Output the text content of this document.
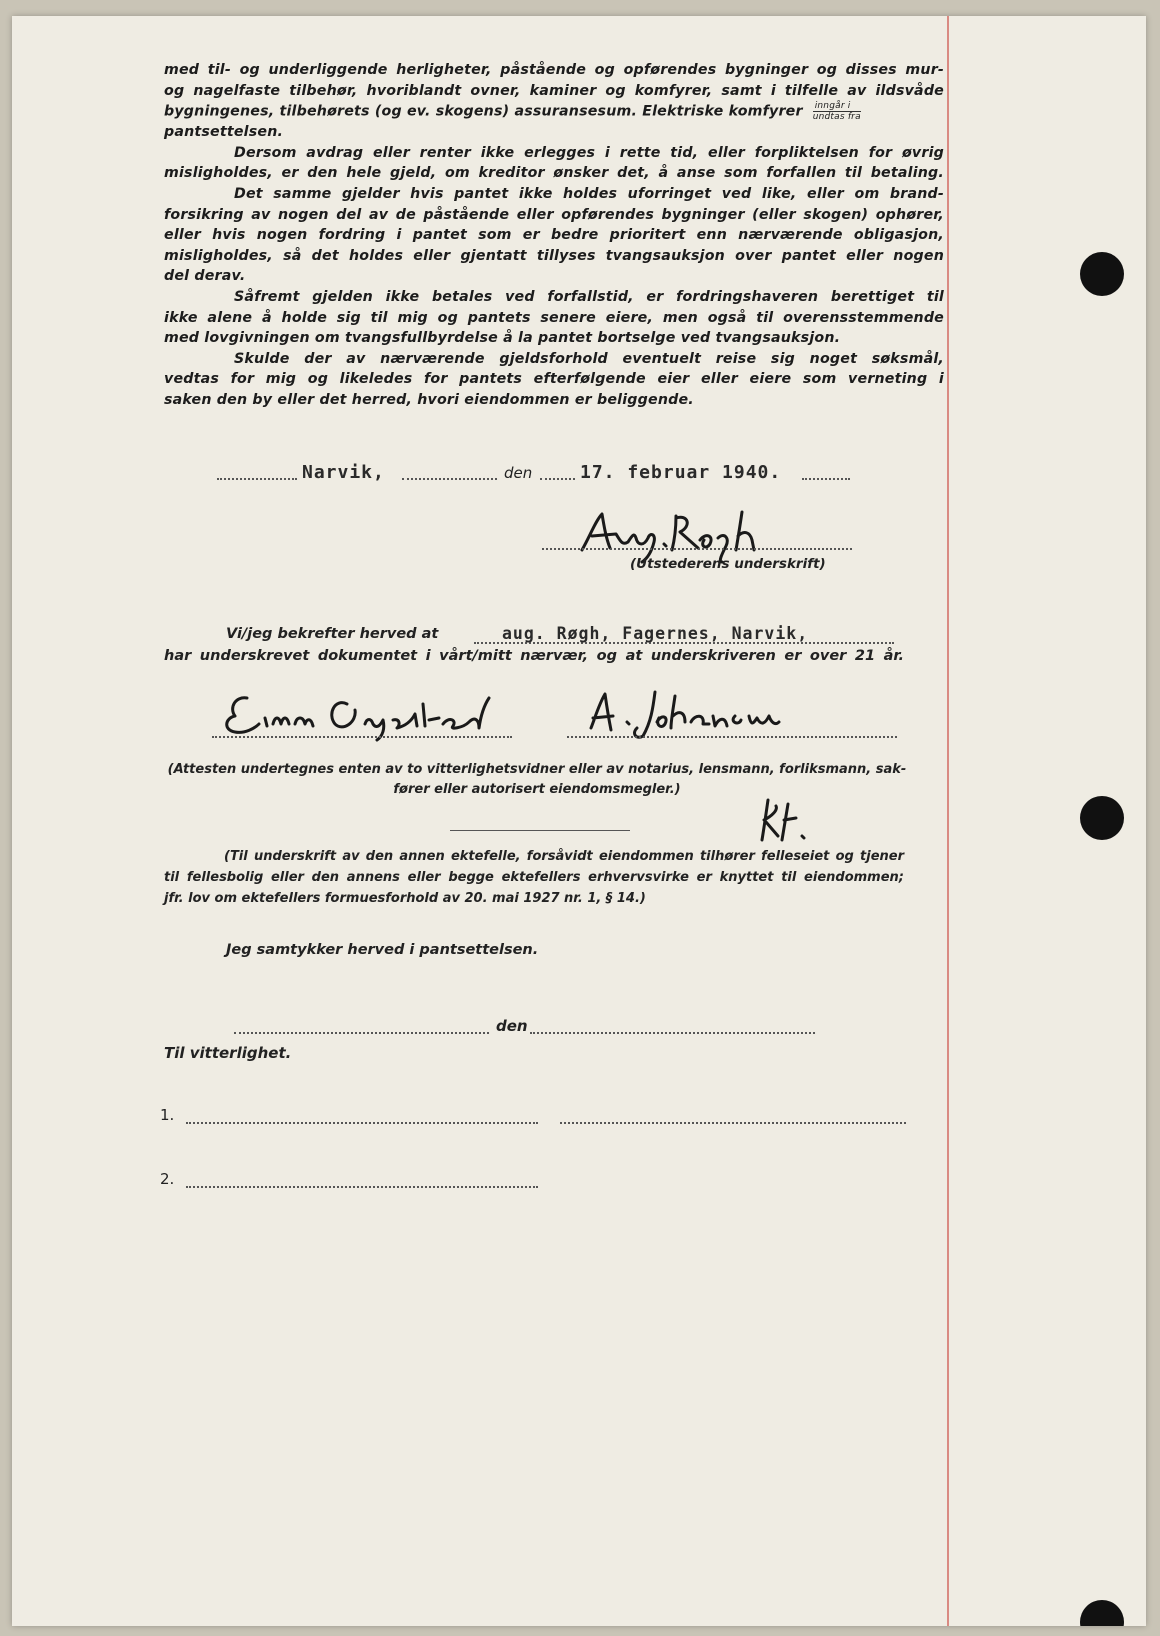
med til- og underliggende herligheter, påstående og opførendes bygninger og disses mur-
og nagelfaste tilbehør, hvoriblandt ovner, kaminer og komfyrer, samt i tilfelle av ildsvåde
bygningenes, tilbehørets (og ev. skogens) assuransesum. Elektriske komfyrer $\frac{\text{inngår i}}{\text{undtas fra}}$
pantsettelsen.

Dersom avdrag eller renter ikke erlegges i rette tid, eller forpliktelsen for øvrig
misligholdes, er den hele gjeld, om kreditor ønsker det, å anse som forfallen til betaling.

Det samme gjelder hvis pantet ikke holdes uforringet ved like, eller om brand-
forsikring av nogen del av de påstående eller opførendes bygninger (eller skogen) ophører,
eller hvis nogen fordring i pantet som er bedre prioritert enn nærværende obligasjon,
misligholdes, så det holdes eller gjentatt tillyses tvangsauksjon over pantet eller nogen
del derav.

Såfremt gjelden ikke betales ved forfallstid, er fordringshaveren berettiget til
ikke alene å holde sig til mig og pantets senere eiere, men også til overensstemmende
med lovgivningen om tvangsfullbyrdelse å la pantet bortselge ved tvangsauksjon.

Skulde der av nærværende gjeldsforhold eventuelt reise sig noget søksmål,
vedtas for mig og likeledes for pantets efterfølgende eier eller eiere som verneting i
saken den by eller det herred, hvori eiendommen er beliggende.

Narvik,	den	17. februar 1940.
(Utstederens underskrift)
Vi/jeg bekrefter herved at	aug. Røgh, Fagernes, Narvik,
har underskrevet dokumentet i vårt/mitt nærvær, og at underskriveren er over 21 år.
(Attesten undertegnes enten av to vitterlighetsvidner eller av notarius, lensmann, forliksmann, sak-
fører eller autorisert eiendomsmegler.)
(Til underskrift av den annen ektefelle, forsåvidt eiendommen tilhører felleseiet og tjener
til fellesbolig eller den annens eller begge ektefellers erhvervsvirke er knyttet til eiendommen;
jfr. lov om ektefellers formuesforhold av 20. mai 1927 nr. 1, § 14.)
Jeg samtykker herved i pantsettelsen.
den
Til vitterlighet.
1.
2.
